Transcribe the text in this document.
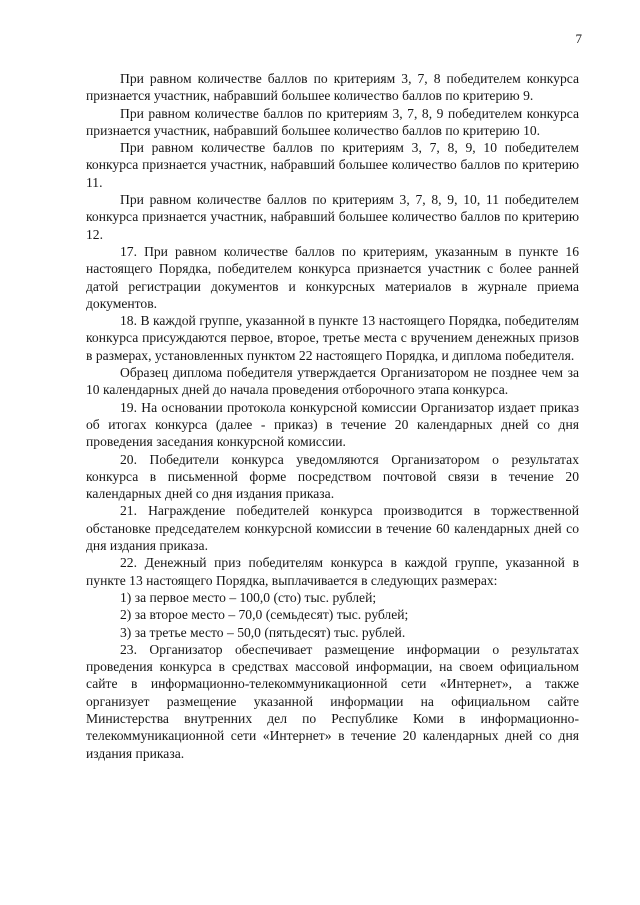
7

При равном количестве баллов по критериям 3, 7, 8 победителем конкурса признается участник, набравший большее количество баллов по критерию 9.

При равном количестве баллов по критериям 3, 7, 8, 9 победителем конкурса признается участник, набравший большее количество баллов по критерию 10.

При равном количестве баллов по критериям 3, 7, 8, 9, 10 победителем конкурса признается участник, набравший большее количество баллов по критерию 11.

При равном количестве баллов по критериям 3, 7, 8, 9, 10, 11 победителем конкурса признается участник, набравший большее количество баллов по критерию 12.

17. При равном количестве баллов по критериям, указанным в пункте 16 настоящего Порядка, победителем конкурса признается участник с более ранней датой регистрации документов и конкурсных материалов в журнале приема документов.

18. В каждой группе, указанной в пункте 13 настоящего Порядка, победителям конкурса присуждаются первое, второе, третье места с вручением денежных призов в размерах, установленных пунктом 22 настоящего Порядка, и диплома победителя.

Образец диплома победителя утверждается Организатором не позднее чем за 10 календарных дней до начала проведения отборочного этапа конкурса.

19. На основании протокола конкурсной комиссии Организатор издает приказ об итогах конкурса (далее - приказ) в течение 20 календарных дней со дня проведения заседания конкурсной комиссии.

20. Победители конкурса уведомляются Организатором о результатах конкурса в письменной форме посредством почтовой связи в течение 20 календарных дней со дня издания приказа.

21. Награждение победителей конкурса производится в торжественной обстановке председателем конкурсной комиссии в течение 60 календарных дней со дня издания приказа.

22. Денежный приз победителям конкурса в каждой группе, указанной в пункте 13 настоящего Порядка, выплачивается в следующих размерах:

1) за первое место – 100,0 (сто) тыс. рублей;

2) за второе место – 70,0 (семьдесят) тыс. рублей;

3) за третье место – 50,0 (пятьдесят) тыс. рублей.

23. Организатор обеспечивает размещение информации о результатах проведения конкурса в средствах массовой информации, на своем официальном сайте в информационно-телекоммуникационной сети «Интернет», а также организует размещение указанной информации на официальном сайте Министерства внутренних дел по Республике Коми в информационно-телекоммуникационной сети «Интернет» в течение 20 календарных дней со дня издания приказа.
